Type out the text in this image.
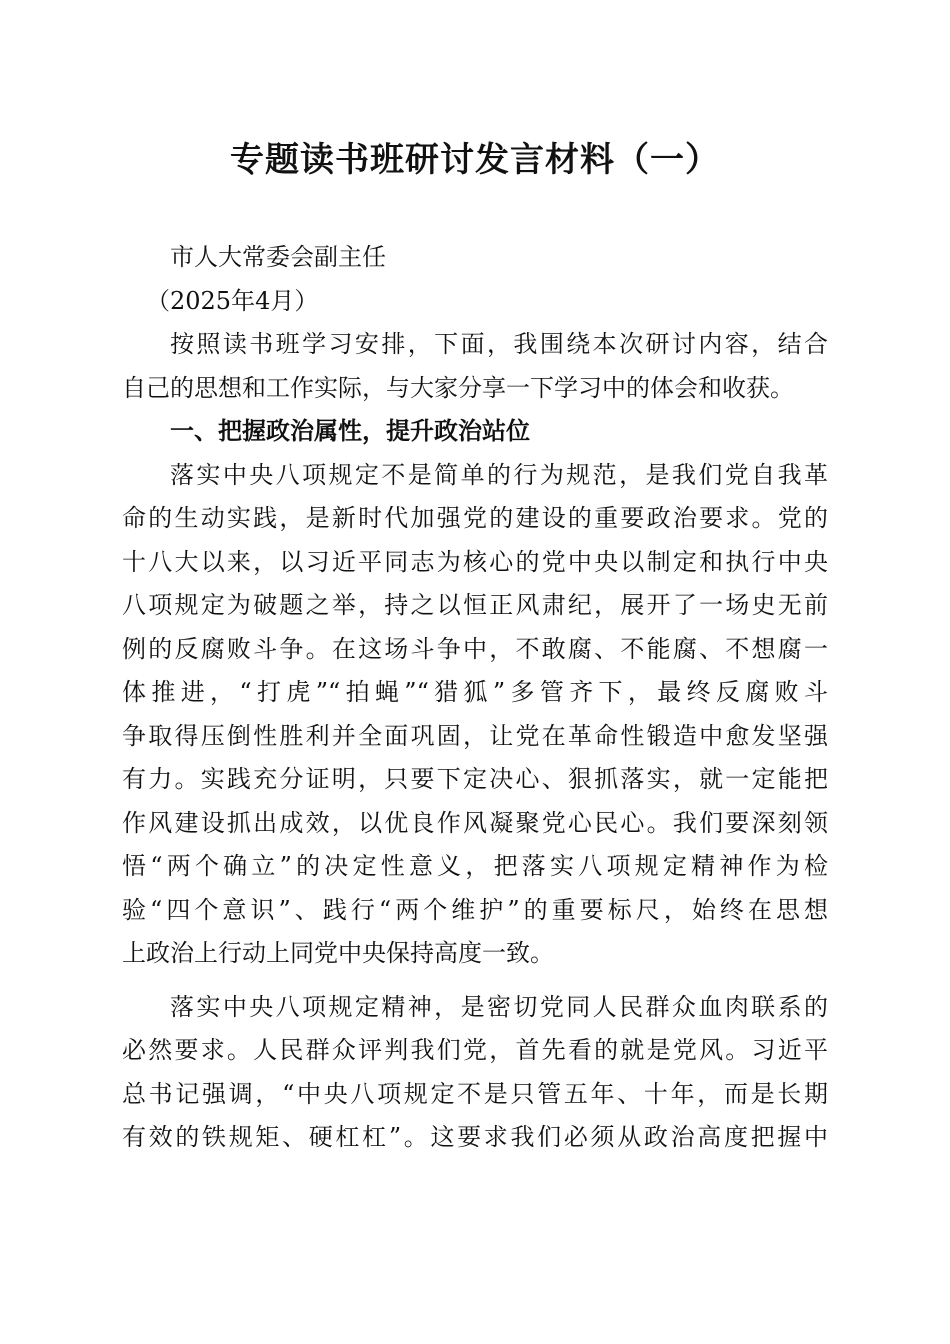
专题读书班研讨发言材料（一）
市人大常委会副主任
（2025年4月）
按照读书班学习安排，下面，我围绕本次研讨内容，结合
自己的思想和工作实际，与大家分享一下学习中的体会和收获。
一、把握政治属性，提升政治站位
落实中央八项规定不是简单的行为规范，是我们党自我革
命的生动实践，是新时代加强党的建设的重要政治要求。党的
十八大以来，以习近平同志为核心的党中央以制定和执行中央
八项规定为破题之举，持之以恒正风肃纪，展开了一场史无前
例的反腐败斗争。在这场斗争中，不敢腐、不能腐、不想腐一
体推进，“打虎”“拍蝇”“猎狐”多管齐下，最终反腐败斗
争取得压倒性胜利并全面巩固，让党在革命性锻造中愈发坚强
有力。实践充分证明，只要下定决心、狠抓落实，就一定能把
作风建设抓出成效，以优良作风凝聚党心民心。我们要深刻领
悟“两个确立”的决定性意义，把落实八项规定精神作为检
验“四个意识”、践行“两个维护”的重要标尺，始终在思想
上政治上行动上同党中央保持高度一致。
落实中央八项规定精神，是密切党同人民群众血肉联系的
必然要求。人民群众评判我们党，首先看的就是党风。习近平
总书记强调，“中央八项规定不是只管五年、十年，而是长期
有效的铁规矩、硬杠杠”。这要求我们必须从政治高度把握中
